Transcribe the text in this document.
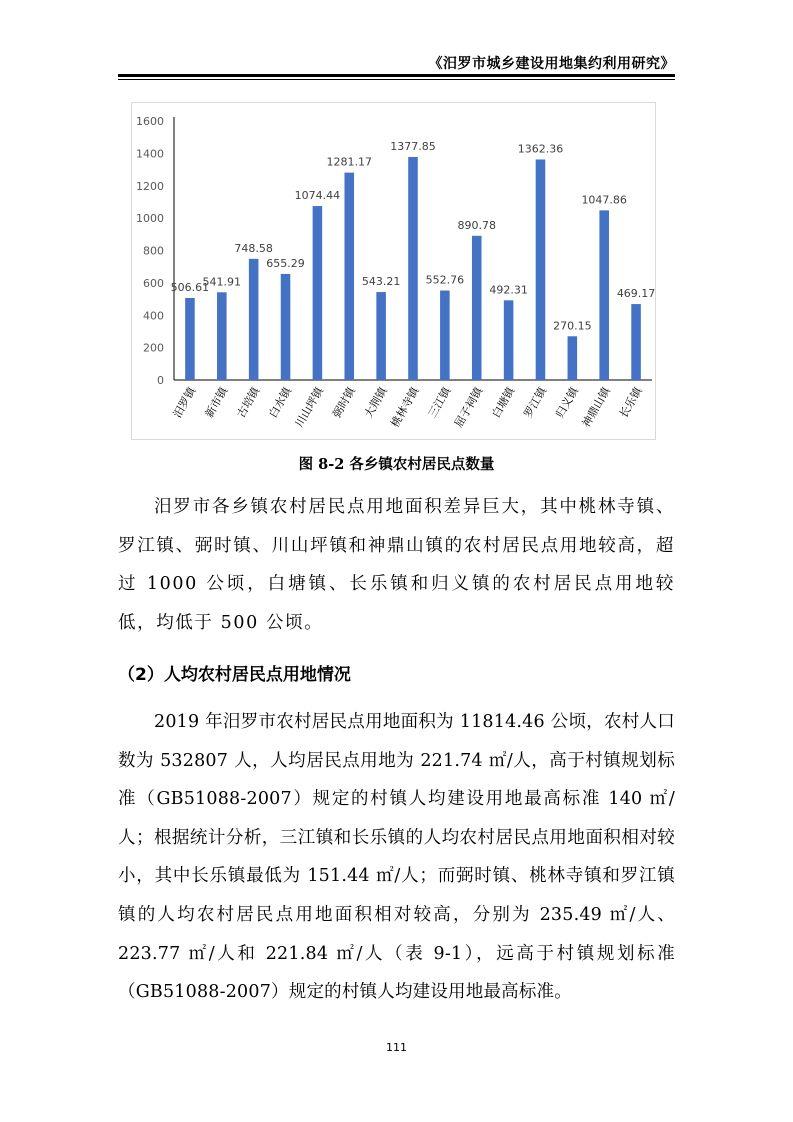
《汨罗市城乡建设用地集约利用研究》
0
200
400
600
800
1000
1200
1400
1600
506.61
汨罗镇
541.91
新市镇
748.58
古培镇
655.29
白水镇
1074.44
川山坪镇
1281.17
弼时镇
543.21
大荆镇
1377.85
桃林寺镇
552.76
三江镇
890.78
屈子祠镇
492.31
白塘镇
1362.36
罗江镇
270.15
归义镇
1047.86
神鼎山镇
469.17
长乐镇
图 8-2 各乡镇农村居民点数量

汨罗市各乡镇农村居民点用地面积差异巨大，其中桃林寺镇、罗江镇、弼时镇、川山坪镇和神鼎山镇的农村居民点用地较高，超过 1000 公顷，白塘镇、长乐镇和归义镇的农村居民点用地较低，均低于 500 公顷。

（2）人均农村居民点用地情况

2019 年汨罗市农村居民点用地面积为 11814.46 公顷，农村人口数为 532807 人，人均居民点用地为 221.74 ㎡/人，高于村镇规划标准（GB51088-2007）规定的村镇人均建设用地最高标准 140 ㎡/人；根据统计分析，三江镇和长乐镇的人均农村居民点用地面积相对较小，其中长乐镇最低为 151.44 ㎡/人；而弼时镇、桃林寺镇和罗江镇镇的人均农村居民点用地面积相对较高，分别为 235.49 ㎡/人、223.77 ㎡/人和 221.84 ㎡/人（表 9-1），远高于村镇规划标准（GB51088-2007）规定的村镇人均建设用地最高标准。

111
